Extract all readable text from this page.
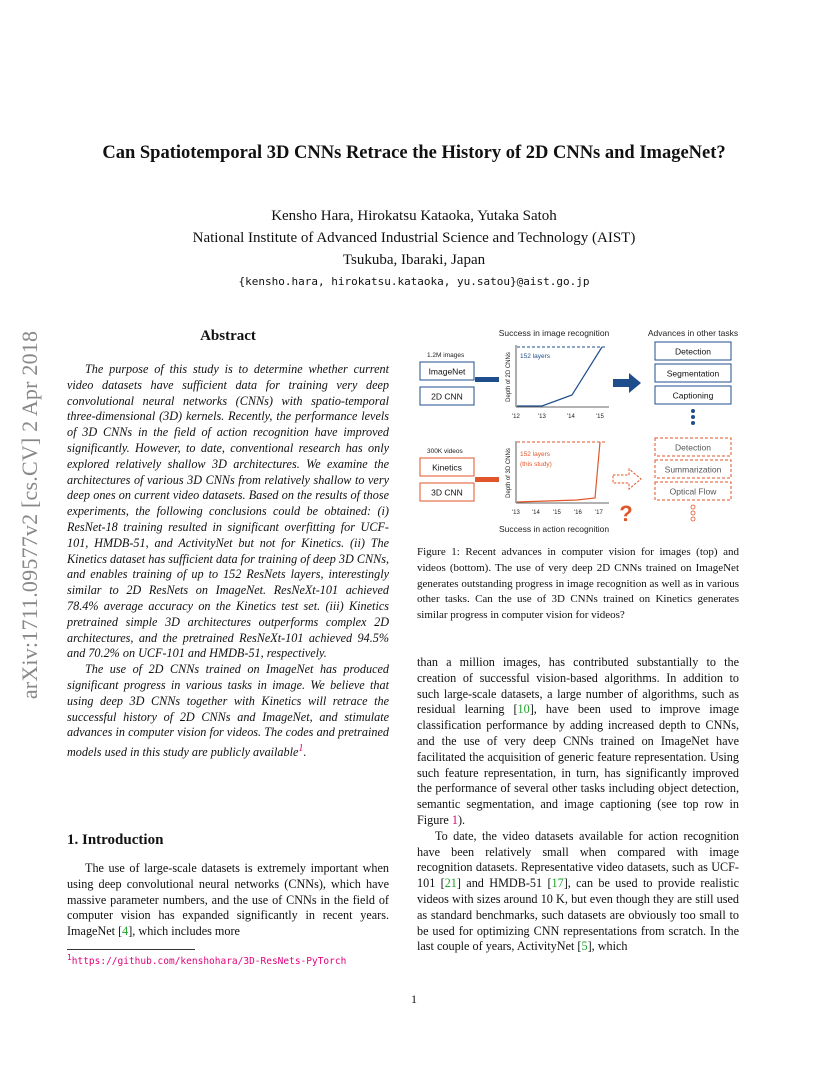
Can Spatiotemporal 3D CNNs Retrace the History of 2D CNNs and ImageNet?
Kensho Hara, Hirokatsu Kataoka, Yutaka Satoh
National Institute of Advanced Industrial Science and Technology (AIST)
Tsukuba, Ibaraki, Japan
{kensho.hara, hirokatsu.kataoka, yu.satou}@aist.go.jp
arXiv:1711.09577v2 [cs.CV] 2 Apr 2018	Abstract

The purpose of this study is to determine whether current video datasets have sufficient data for training very deep convolutional neural networks (CNNs) with spatio-temporal three-dimensional (3D) kernels. Recently, the performance levels of 3D CNNs in the field of action recognition have improved significantly. However, to date, conventional research has only explored relatively shallow 3D architectures. We examine the architectures of various 3D CNNs from relatively shallow to very deep ones on current video datasets. Based on the results of those experiments, the following conclusions could be obtained: (i) ResNet-18 training resulted in significant overfitting for UCF-101, HMDB-51, and ActivityNet but not for Kinetics. (ii) The Kinetics dataset has sufficient data for training of deep 3D CNNs, and enables training of up to 152 ResNets layers, interestingly similar to 2D ResNets on ImageNet. ResNeXt-101 achieved 78.4% average accuracy on the Kinetics test set. (iii) Kinetics pretrained simple 3D architectures outperforms complex 2D architectures, and the pretrained ResNeXt-101 achieved 94.5% and 70.2% on UCF-101 and HMDB-51, respectively.

The use of 2D CNNs trained on ImageNet has produced significant progress in various tasks in image. We believe that using deep 3D CNNs together with Kinetics will retrace the successful history of 2D CNNs and ImageNet, and stimulate advances in computer vision for videos. The codes and pretrained models used in this study are publicly available$^1$.

1. Introduction

The use of large-scale datasets is extremely important when using deep convolutional neural networks (CNNs), which have massive parameter numbers, and the use of CNNs in the field of computer vision has expanded significantly in recent years. ImageNet [4], which includes more

$^1$https://github.com/kenshohara/3D-ResNets-PyTorch
Success in image recognition	Advances in other tasks
1.2M images
ImageNet
2D CNN	Depth of 2D CNNs 152 layers
'12	'13	'14	'15
Detection
Segmentation
Captioning
300K videos
Kinetics
3D CNN	Depth of 3D CNNs 152 layers
(this study)
'13 '14 '15 '16 '17
Success in action recognition
?
Detection
Summarization
Optical Flow
Figure 1: Recent advances in computer vision for images (top) and videos (bottom). The use of very deep 2D CNNs trained on ImageNet generates outstanding progress in image recognition as well as in various other tasks. Can the use of 3D CNNs trained on Kinetics generates similar progress in computer vision for videos?

than a million images, has contributed substantially to the creation of successful vision-based algorithms. In addition to such large-scale datasets, a large number of algorithms, such as residual learning [10], have been used to improve image classification performance by adding increased depth to CNNs, and the use of very deep CNNs trained on ImageNet have facilitated the acquisition of generic feature representation. Using such feature representation, in turn, has significantly improved the performance of several other tasks including object detection, semantic segmentation, and image captioning (see top row in Figure 1).

To date, the video datasets available for action recognition have been relatively small when compared with image recognition datasets. Representative video datasets, such as UCF-101 [21] and HMDB-51 [17], can be used to provide realistic videos with sizes around 10 K, but even though they are still used as standard benchmarks, such datasets are obviously too small to be used for optimizing CNN representations from scratch. In the last couple of years, ActivityNet [5], which

1
